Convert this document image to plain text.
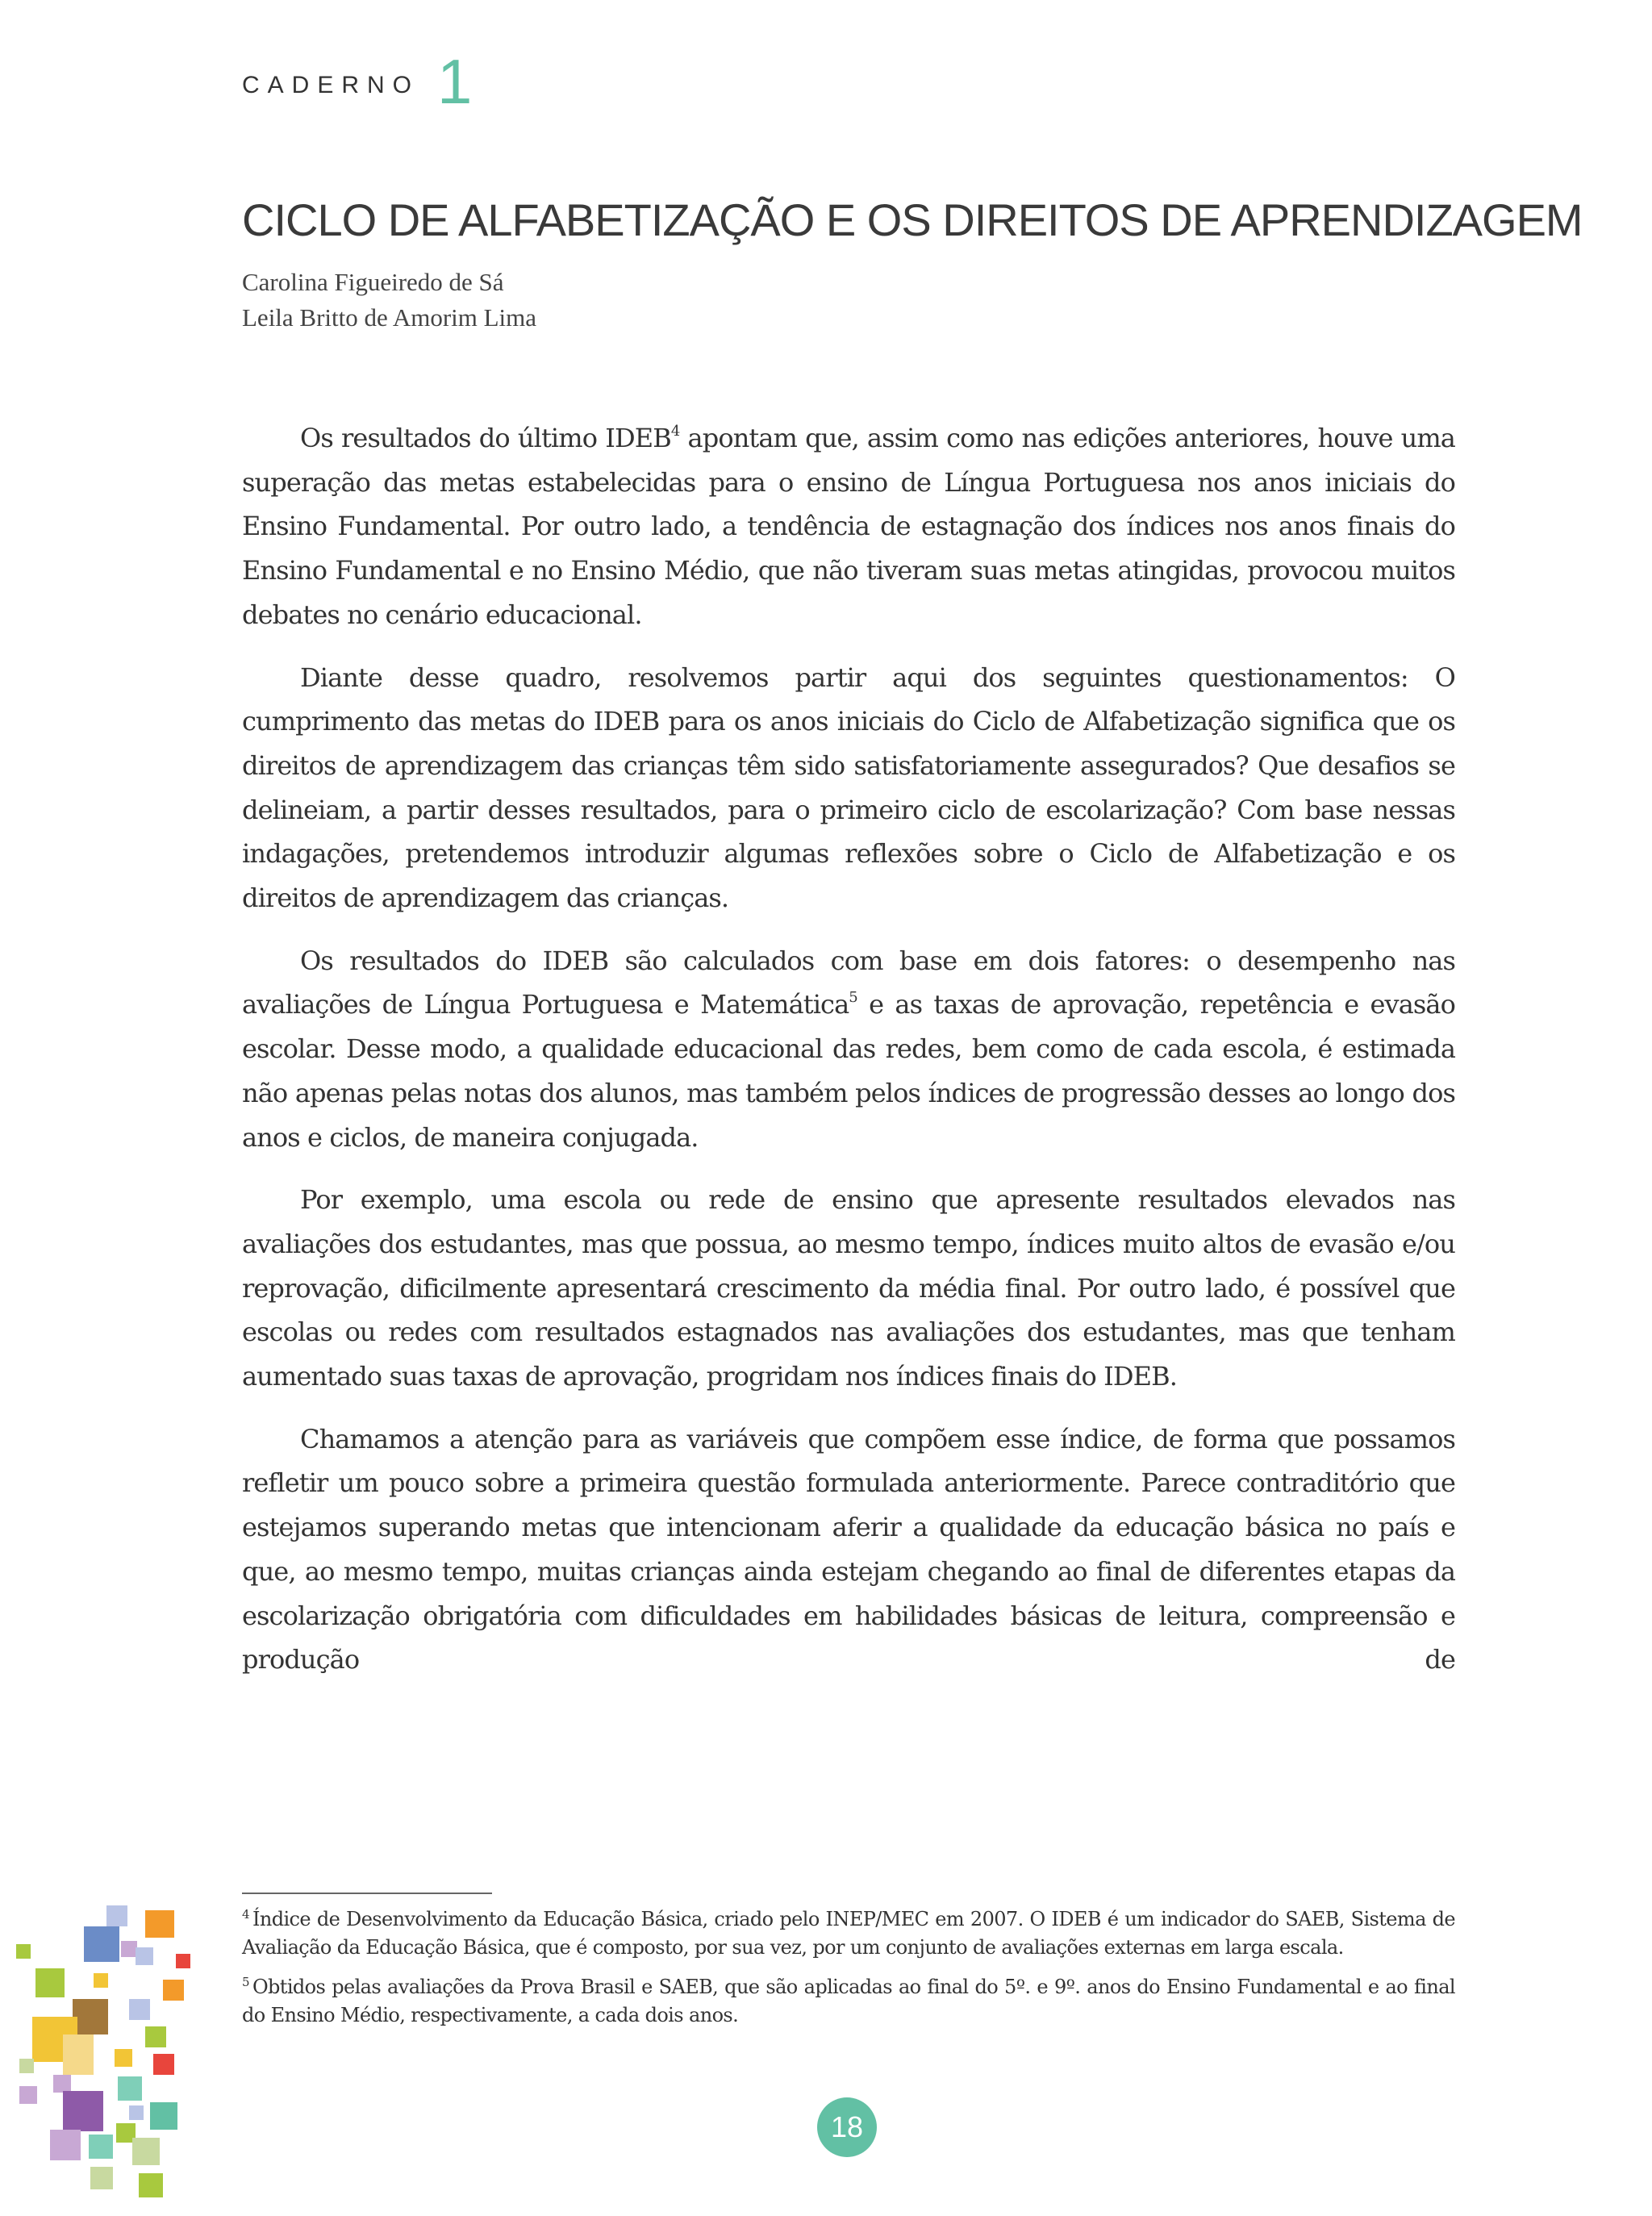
CADERNO 1
CICLO DE ALFABETIZAÇÃO E OS DIREITOS DE APRENDIZAGEM
Carolina Figueiredo de Sá
Leila Britto de Amorim Lima

Os resultados do último IDEB$^4$ apontam que, assim como nas edições anteriores, houve uma superação das metas estabelecidas para o ensino de Língua Portuguesa nos anos iniciais do Ensino Fundamental. Por outro lado, a tendência de estagnação dos índices nos anos finais do Ensino Fundamental e no Ensino Médio, que não tiveram suas metas atingidas, provocou muitos debates no cenário educacional.

Diante desse quadro, resolvemos partir aqui dos seguintes questionamentos: O cumprimento das metas do IDEB para os anos iniciais do Ciclo de Alfabetização significa que os direitos de aprendizagem das crianças têm sido satisfatoriamente assegurados? Que desafios se delineiam, a partir desses resultados, para o primeiro ciclo de escolarização? Com base nessas indagações, pretendemos introduzir algumas reflexões sobre o Ciclo de Alfabetização e os direitos de aprendizagem das crianças.

Os resultados do IDEB são calculados com base em dois fatores: o desempenho nas avaliações de Língua Portuguesa e Matemática$^5$ e as taxas de aprovação, repetência e evasão escolar. Desse modo, a qualidade educacional das redes, bem como de cada escola, é estimada não apenas pelas notas dos alunos, mas também pelos índices de progressão desses ao longo dos anos e ciclos, de maneira conjugada.

Por exemplo, uma escola ou rede de ensino que apresente resultados elevados nas avaliações dos estudantes, mas que possua, ao mesmo tempo, índices muito altos de evasão e/ou reprovação, dificilmente apresentará crescimento da média final. Por outro lado, é possível que escolas ou redes com resultados estagnados nas avaliações dos estudantes, mas que tenham aumentado suas taxas de aprovação, progridam nos índices finais do IDEB.

Chamamos a atenção para as variáveis que compõem esse índice, de forma que possamos refletir um pouco sobre a primeira questão formulada anteriormente. Parece contraditório que estejamos superando metas que intencionam aferir a qualidade da educação básica no país e que, ao mesmo tempo, muitas crianças ainda estejam chegando ao final de diferentes etapas da escolarização obrigatória com dificuldades em habilidades básicas de leitura, compreensão e produção de

$^4$ Índice de Desenvolvimento da Educação Básica, criado pelo INEP/MEC em 2007. O IDEB é um indicador do SAEB, Sistema de Avaliação da Educação Básica, que é composto, por sua vez, por um conjunto de avaliações externas em larga escala.

$^5$ Obtidos pelas avaliações da Prova Brasil e SAEB, que são aplicadas ao final do 5º. e 9º. anos do Ensino Fundamental e ao final do Ensino Médio, respectivamente, a cada dois anos.

18
